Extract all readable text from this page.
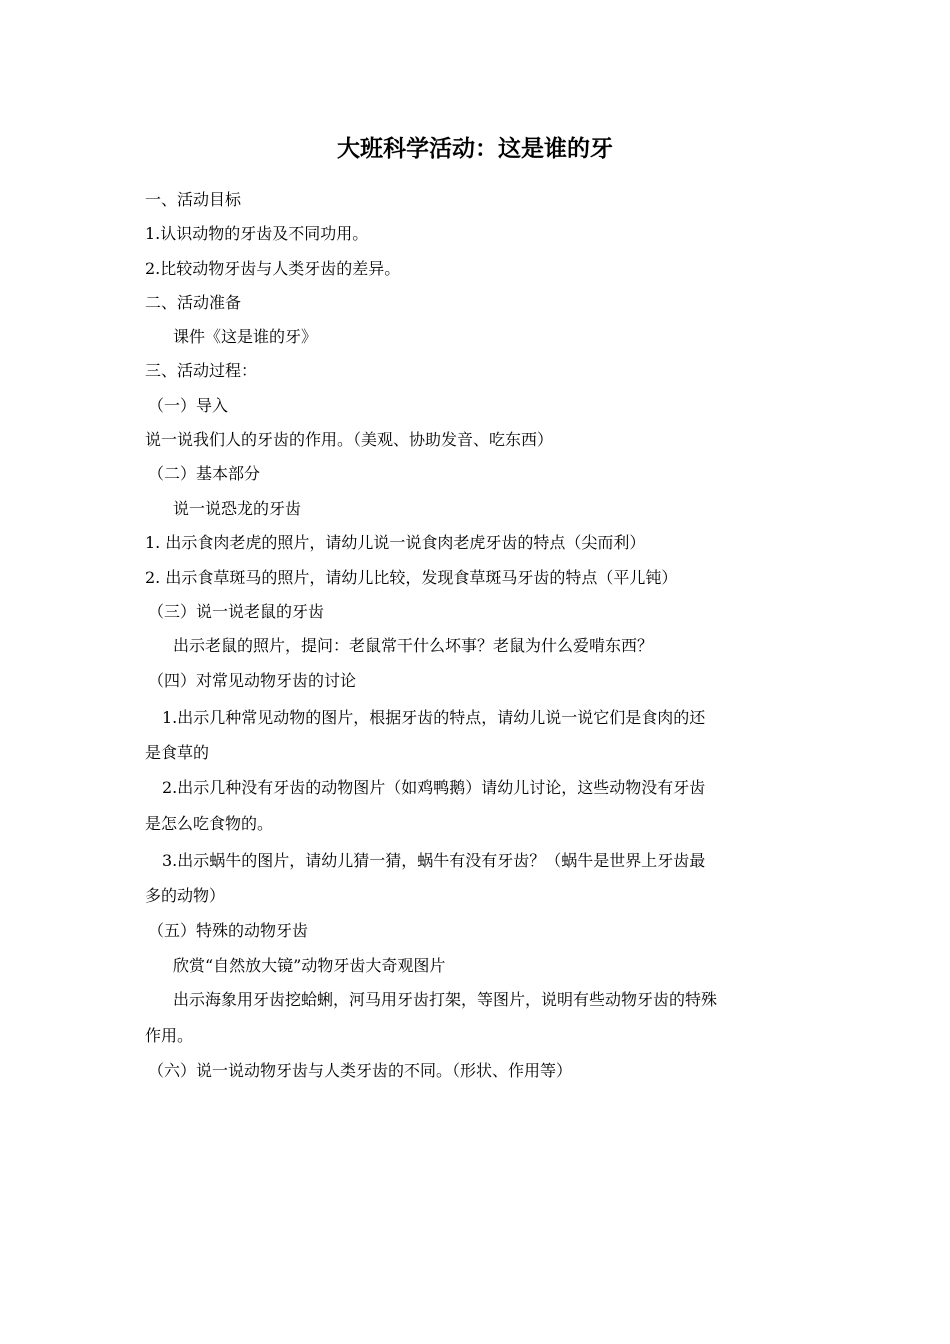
大班科学活动：这是谁的牙
一、活动目标
1.认识动物的牙齿及不同功用。
2.比较动物牙齿与人类牙齿的差异。
二、活动准备
课件《这是谁的牙》
三、活动过程：
（一）导入
说一说我们人的牙齿的作用。（美观、协助发音、吃东西）
（二）基本部分
说一说恐龙的牙齿
1. 出示食肉老虎的照片，请幼儿说一说食肉老虎牙齿的特点（尖而利）
2. 出示食草斑马的照片，请幼儿比较，发现食草斑马牙齿的特点（平儿钝）
（三）说一说老鼠的牙齿
出示老鼠的照片，提问：老鼠常干什么坏事？老鼠为什么爱啃东西？
（四）对常见动物牙齿的讨论
1.出示几种常见动物的图片，根据牙齿的特点，请幼儿说一说它们是食肉的还
是食草的
2.出示几种没有牙齿的动物图片（如鸡鸭鹅）请幼儿讨论，这些动物没有牙齿
是怎么吃食物的。
3.出示蜗牛的图片，请幼儿猜一猜，蜗牛有没有牙齿？（蜗牛是世界上牙齿最
多的动物）
（五）特殊的动物牙齿
欣赏“自然放大镜”动物牙齿大奇观图片
出示海象用牙齿挖蛤蜊，河马用牙齿打架，等图片，说明有些动物牙齿的特殊
作用。
（六）说一说动物牙齿与人类牙齿的不同。（形状、作用等）
